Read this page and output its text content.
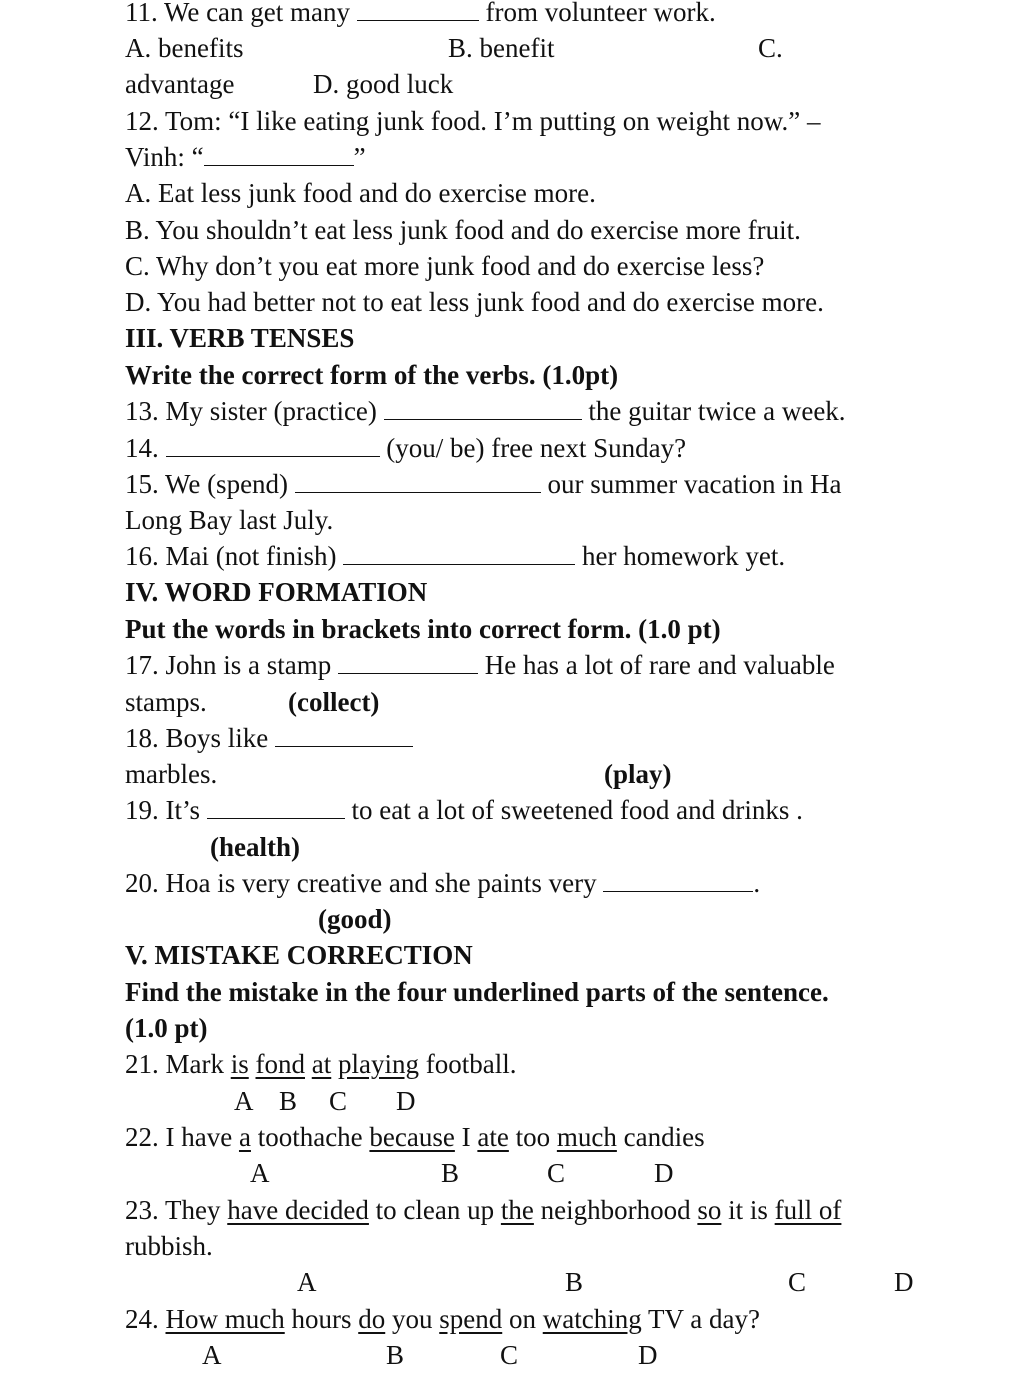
11. We can get many	from volunteer work.
A. benefits	B. benefit	C.
advantage	D. good luck
12. Tom: “I like eating junk food. I’m putting on weight now.” –
Vinh: “	”
A. Eat less junk food and do exercise more.
B. You shouldn’t eat less junk food and do exercise more fruit.
C. Why don’t you eat more junk food and do exercise less?
D. You had better not to eat less junk food and do exercise more.
III. VERB TENSES
Write the correct form of the verbs. (1.0pt)
13. My sister (practice)	the guitar twice a week.
14.	(you/ be) free next Sunday?
15. We (spend)	our summer vacation in Ha
Long Bay last July.
16. Mai (not finish)	her homework yet.
IV. WORD FORMATION
Put the words in brackets into correct form. (1.0 pt)
17. John is a stamp	He has a lot of rare and valuable
stamps.	(collect)
18. Boys like
marbles.	(play)
19. It’s	to eat a lot of sweetened food and drinks .
(health)
20. Hoa is very creative and she paints very	.
(good)
V. MISTAKE CORRECTION
Find the mistake in the four underlined parts of the sentence.
(1.0 pt)
21. Mark is fond at playing football.
A B C D
22. I have a toothache because I ate too much candies
A	B	C	D
23. They have decided to clean up the neighborhood so it is full of
rubbish.
A	B	C	D
24. How much hours do you spend on watching TV a day?
A	B	C	D
